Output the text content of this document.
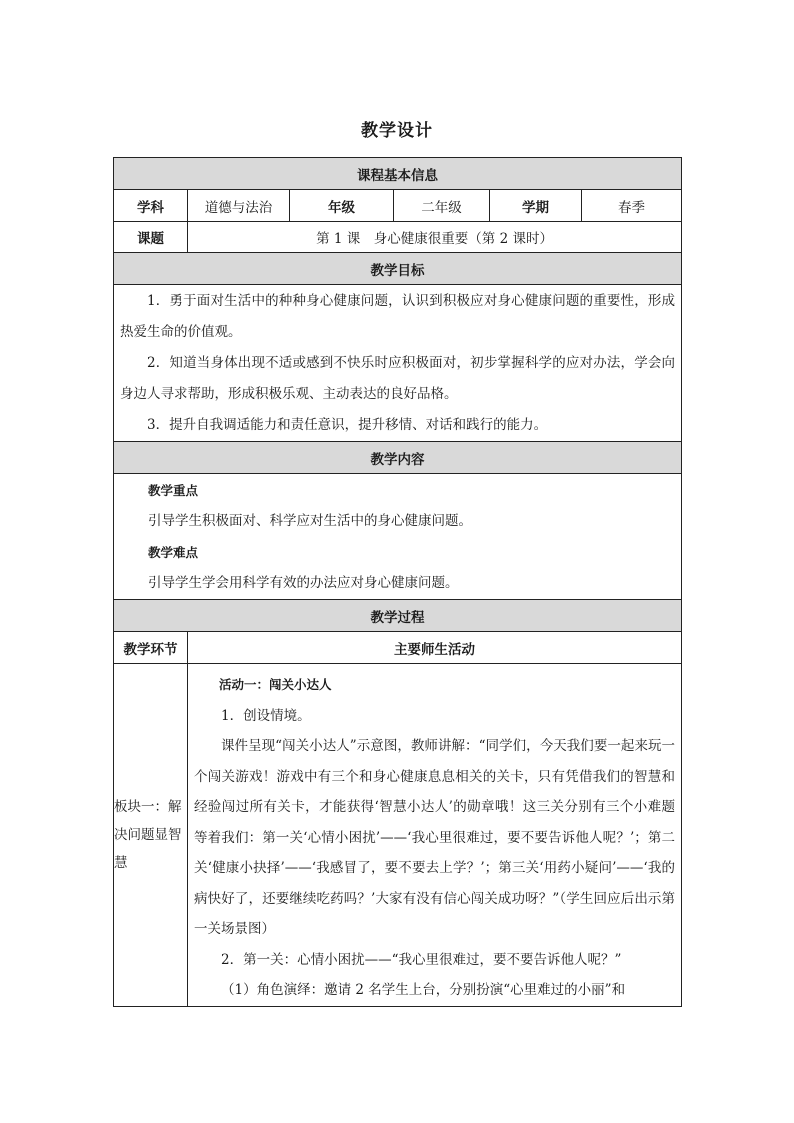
教学设计
课程基本信息					
学科	道德与法治	年级	二年级	学期	春季
课题	第 1 课　身心健康很重要（第 2 课时）				
教学目标					

1．勇于面对生活中的种种身心健康问题，认识到积极应对身心健康问题的重要性，形成热爱生命的价值观。

2．知道当身体出现不适或感到不快乐时应积极面对，初步掌握科学的应对办法，学会向身边人寻求帮助，形成积极乐观、主动表达的良好品格。

3．提升自我调适能力和责任意识，提升移情、对话和践行的能力。					

教学内容					

教学重点

引导学生积极面对、科学应对生活中的身心健康问题。

教学难点

引导学生学会用科学有效的办法应对身心健康问题。					

教学过程					
教学环节	主要师生活动				
板块一：解决问题显智慧	活动一：闯关小达人

1．创设情境。

课件呈现“闯关小达人”示意图，教师讲解：“同学们，今天我们要一起来玩一个闯关游戏！游戏中有三个和身心健康息息相关的关卡，只有凭借我们的智慧和经验闯过所有关卡，才能获得‘智慧小达人’的勋章哦！这三关分别有三个小难题等着我们：第一关‘心情小困扰’——‘我心里很难过，要不要告诉他人呢？’；第二关‘健康小抉择’——‘我感冒了，要不要去上学？’；第三关‘用药小疑问’——‘我的病快好了，还要继续吃药吗？’大家有没有信心闯关成功呀？”（学生回应后出示第一关场景图）

2．第一关：心情小困扰——“我心里很难过，要不要告诉他人呢？”

（1）角色演绎：邀请 2 名学生上台，分别扮演“心里难过的小丽”和				
